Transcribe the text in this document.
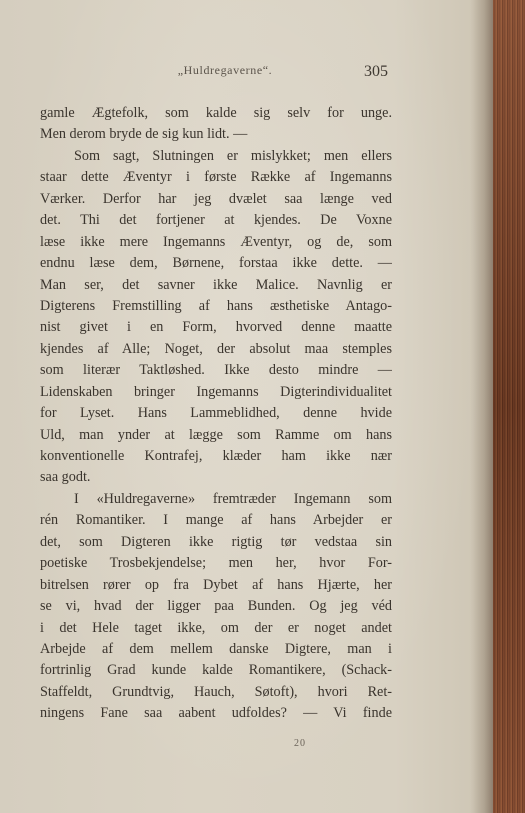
„Huldregaverne“.	305
gamle Ægtefolk, som kalde sig selv for unge.
Men derom bryde de sig kun lidt. —
Som sagt, Slutningen er mislykket; men ellers
staar dette Æventyr i første Række af Ingemanns
Værker. Derfor har jeg dvælet saa længe ved
det. Thi det fortjener at kjendes. De Voxne
læse ikke mere Ingemanns Æventyr, og de, som
endnu læse dem, Børnene, forstaa ikke dette. —
Man ser, det savner ikke Malice. Navnlig er
Digterens Fremstilling af hans æsthetiske Antago-
nist givet i en Form, hvorved denne maatte
kjendes af Alle; Noget, der absolut maa stemples
som literær Taktløshed. Ikke desto mindre —
Lidenskaben bringer Ingemanns Digterindividualitet
for Lyset. Hans Lammeblidhed, denne hvide
Uld, man ynder at lægge som Ramme om hans
konventionelle Kontrafej, klæder ham ikke nær
saa godt.
I «Huldregaverne» fremtræder Ingemann som
rén Romantiker. I mange af hans Arbejder er
det, som Digteren ikke rigtig tør vedstaa sin
poetiske Trosbekjendelse; men her, hvor For-
bitrelsen rører op fra Dybet af hans Hjærte, her
se vi, hvad der ligger paa Bunden. Og jeg véd
i det Hele taget ikke, om der er noget andet
Arbejde af dem mellem danske Digtere, man i
fortrinlig Grad kunde kalde Romantikere, (Schack-
Staffeldt, Grundtvig, Hauch, Søtoft), hvori Ret-
ningens Fane saa aabent udfoldes? — Vi finde
20
